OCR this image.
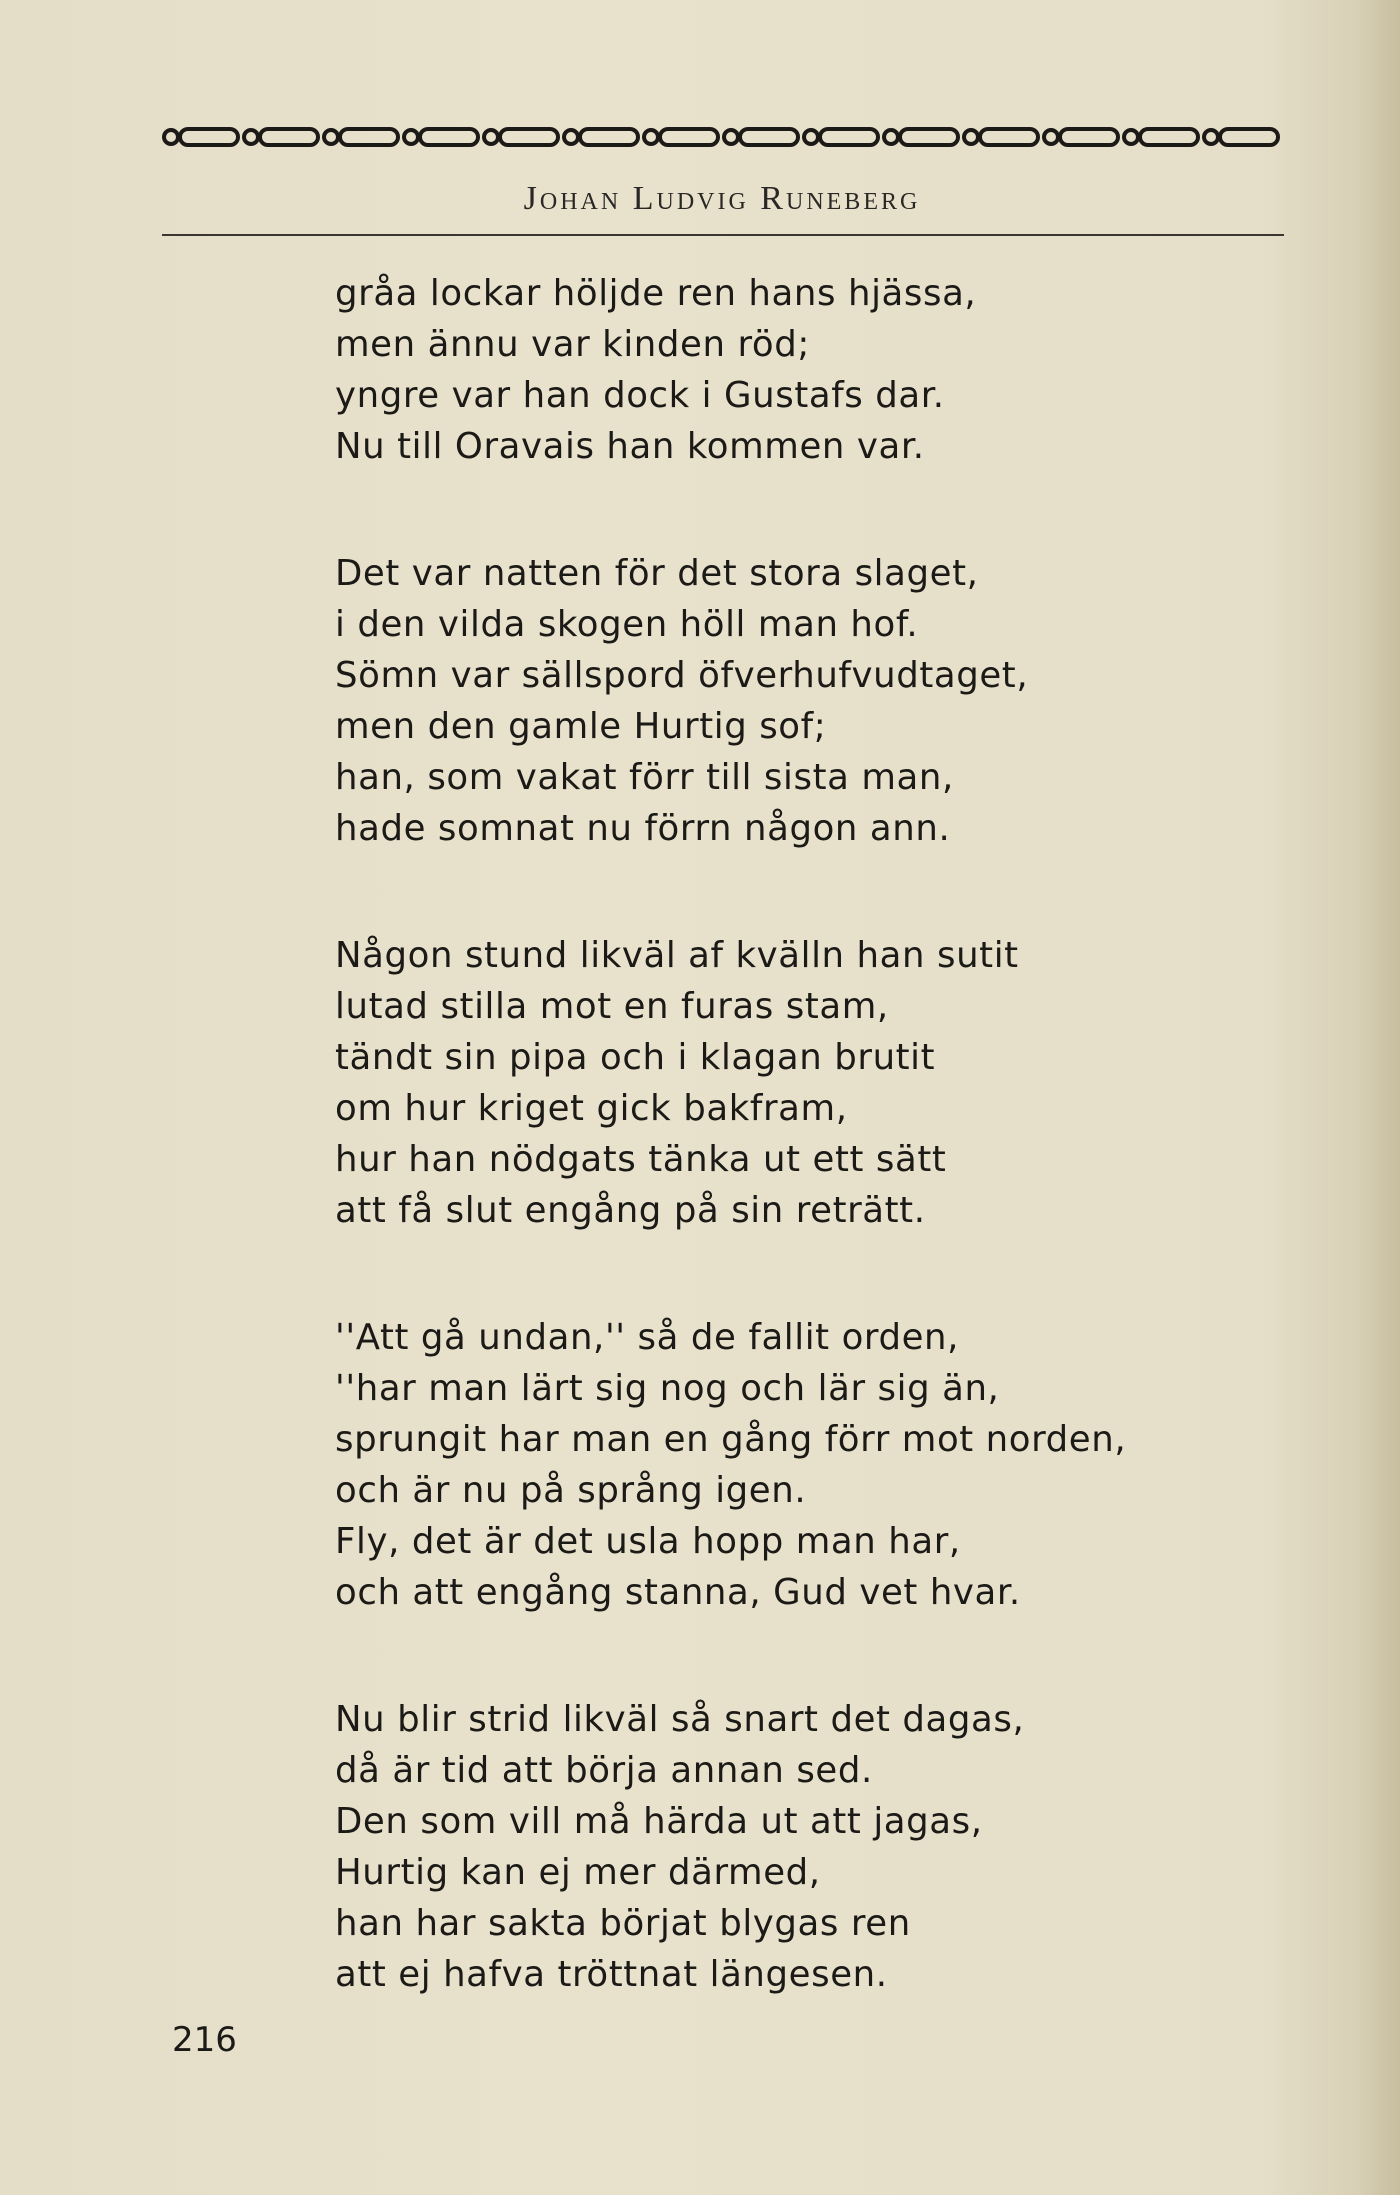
Johan Ludvig Runeberg
gråa lockar höljde ren hans hjässa,
men ännu var kinden röd;
yngre var han dock i Gustafs dar.
Nu till Oravais han kommen var.
Det var natten för det stora slaget,
i den vilda skogen höll man hof.
Sömn var sällspord öfverhufvudtaget,
men den gamle Hurtig sof;
han, som vakat förr till sista man,
hade somnat nu förrn någon ann.
Någon stund likväl af kvälln han sutit
lutad stilla mot en furas stam,
tändt sin pipa och i klagan brutit
om hur kriget gick bakfram,
hur han nödgats tänka ut ett sätt
att få slut engång på sin reträtt.
''Att gå undan,'' så de fallit orden,
''har man lärt sig nog och lär sig än,
sprungit har man en gång förr mot norden,
och är nu på språng igen.
Fly, det är det usla hopp man har,
och att engång stanna, Gud vet hvar.
Nu blir strid likväl så snart det dagas,
då är tid att börja annan sed.
Den som vill må härda ut att jagas,
Hurtig kan ej mer därmed,
han har sakta börjat blygas ren
att ej hafva tröttnat längesen.
216
